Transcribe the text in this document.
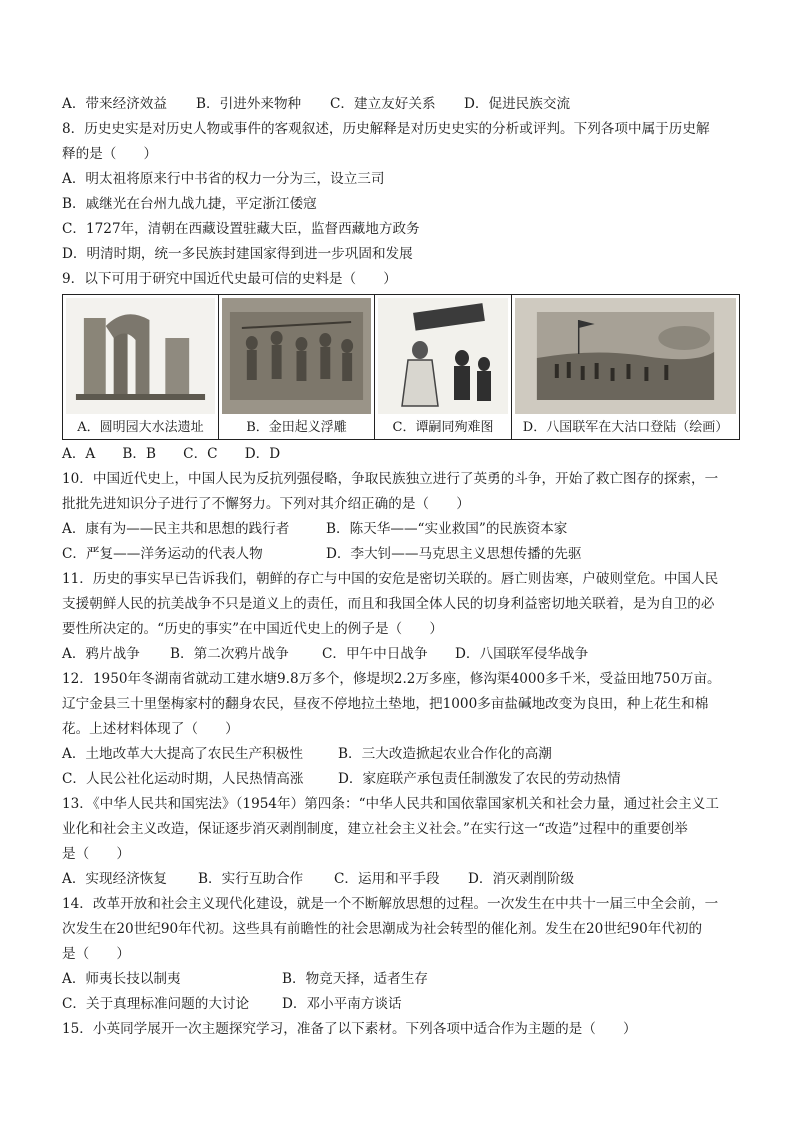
A．带来经济效益 B．引进外来物种 C．建立友好关系 D．促进民族交流
8．历史史实是对历史人物或事件的客观叙述，历史解释是对历史史实的分析或评判。下列各项中属于历史解
释的是（　　）
A．明太祖将原来行中书省的权力一分为三，设立三司
B．戚继光在台州九战九捷，平定浙江倭寇
C．1727年，清朝在西藏设置驻藏大臣，监督西藏地方政务
D．明清时期，统一多民族封建国家得到进一步巩固和发展
9．以下可用于研究中国近代史最可信的史料是（　　）
A．圆明园大水法遗址	B．金田起义浮雕	C．谭嗣同殉难图	D．八国联军在大沽口登陆（绘画）
A．A　　B．B　　C．C　　D．D
10．中国近代史上，中国人民为反抗列强侵略，争取民族独立进行了英勇的斗争，开始了救亡图存的探索，一
批批先进知识分子进行了不懈努力。下列对其介绍正确的是（　　）
A．康有为——民主共和思想的践行者	B．陈天华——“实业救国”的民族资本家
C．严复——洋务运动的代表人物	D．李大钊——马克思主义思想传播的先驱
11．历史的事实早已告诉我们，朝鲜的存亡与中国的安危是密切关联的。唇亡则齿寒，户破则堂危。中国人民
支援朝鲜人民的抗美战争不只是道义上的责任，而且和我国全体人民的切身利益密切地关联着，是为自卫的必
要性所决定的。“历史的事实”在中国近代史上的例子是（　　）
A．鸦片战争 B．第二次鸦片战争 C．甲午中日战争 D．八国联军侵华战争
12．1950年冬湖南省就动工建水塘9.8万多个，修堤坝2.2万多座，修沟渠4000多千米，受益田地750万亩。
辽宁金县三十里堡梅家村的翻身农民，昼夜不停地拉土垫地，把1000多亩盐碱地改变为良田，种上花生和棉
花。上述材料体现了（　　）
A．土地改革大大提高了农民生产积极性	B．三大改造掀起农业合作化的高潮
C．人民公社化运动时期，人民热情高涨	D．家庭联产承包责任制激发了农民的劳动热情
13．《中华人民共和国宪法》（1954年）第四条：“中华人民共和国依靠国家机关和社会力量，通过社会主义工
业化和社会主义改造，保证逐步消灭剥削制度，建立社会主义社会。”在实行这一“改造”过程中的重要创举
是（　　）
A．实现经济恢复 B．实行互助合作 C．运用和平手段 D．消灭剥削阶级
14．改革开放和社会主义现代化建设，就是一个不断解放思想的过程。一次发生在中共十一届三中全会前，一
次发生在20世纪90年代初。这些具有前瞻性的社会思潮成为社会转型的催化剂。发生在20世纪90年代初的
是（　　）
A．师夷长技以制夷	B．物竞天择，适者生存
C．关于真理标准问题的大讨论 D．邓小平南方谈话
15．小英同学展开一次主题探究学习，准备了以下素材。下列各项中适合作为主题的是（　　）
